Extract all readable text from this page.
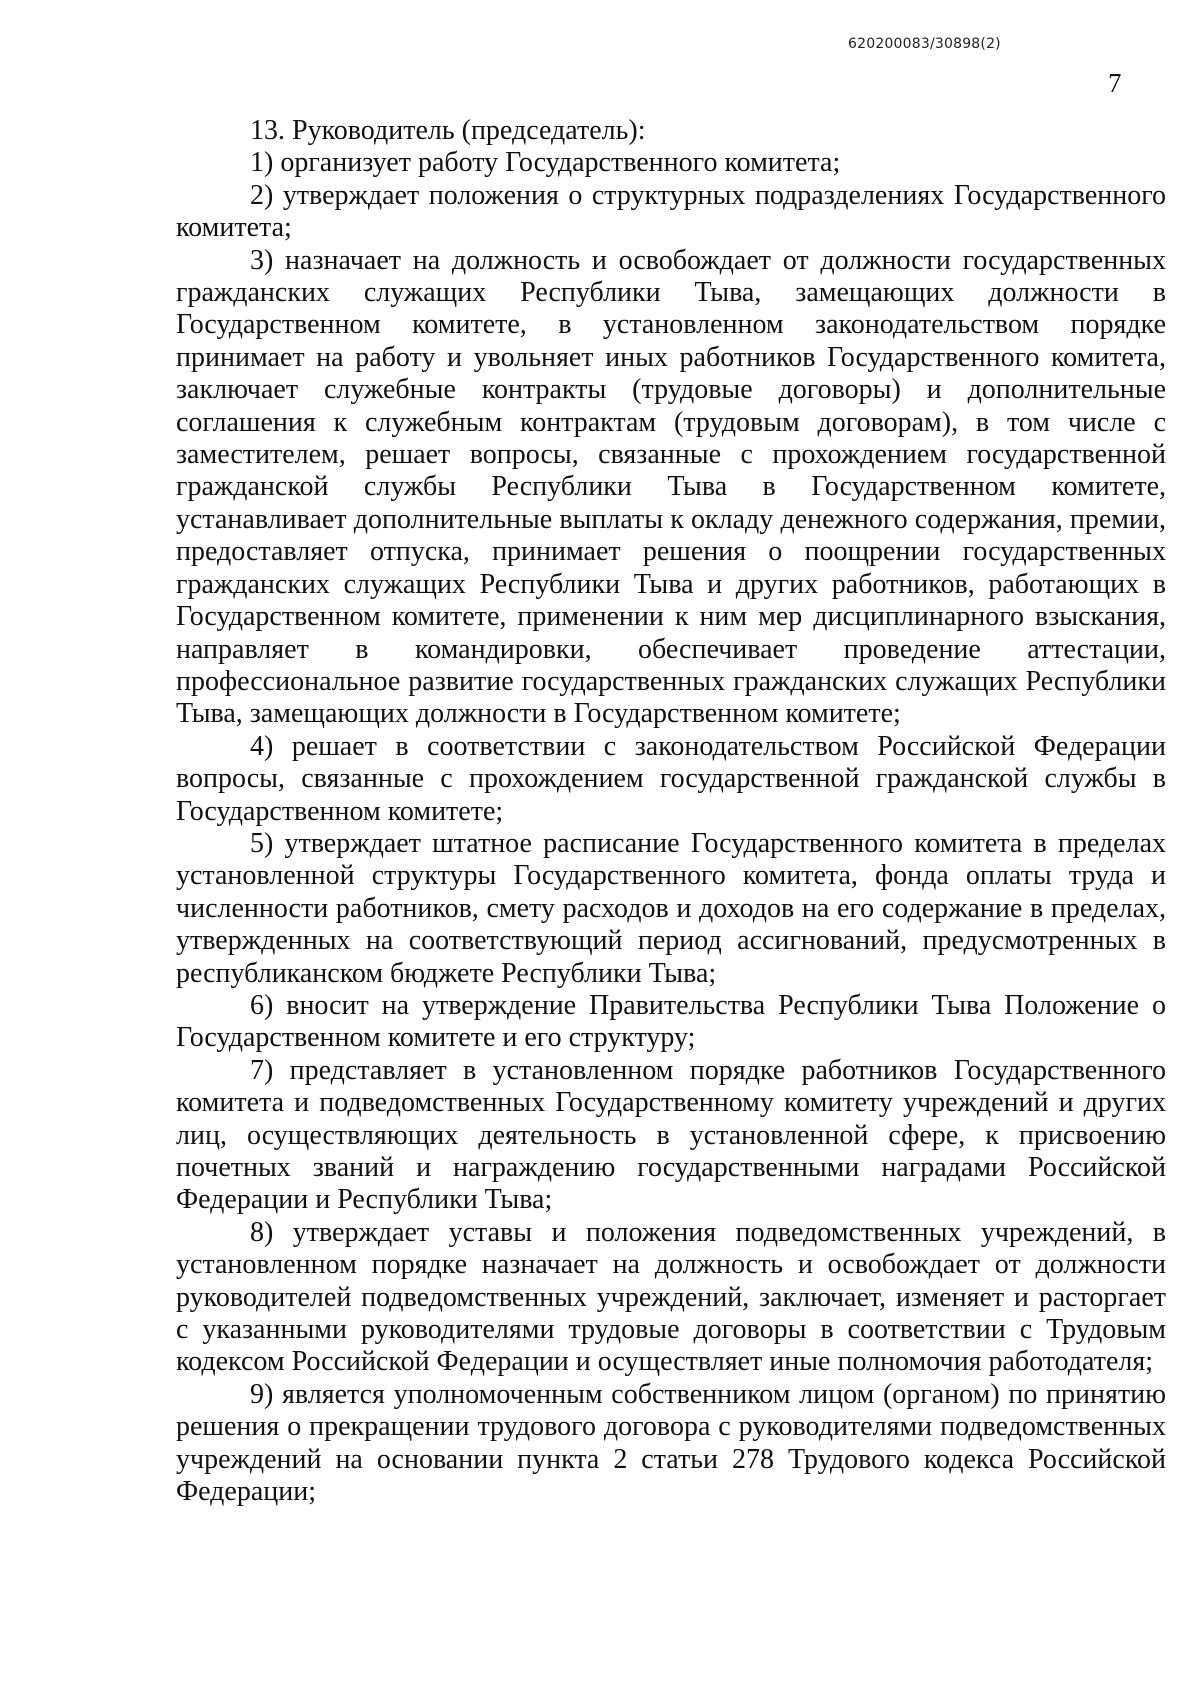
620200083/30898(2)
7

13. Руководитель (председатель):

1) организует работу Государственного комитета;

2) утверждает положения о структурных подразделениях Государственного комитета;

3) назначает на должность и освобождает от должности государственных гражданских служащих Республики Тыва, замещающих должности в Государственном комитете, в установленном законодательством порядке принимает на работу и увольняет иных работников Государственного комитета, заключает служебные контракты (трудовые договоры) и дополнительные соглашения к служебным контрактам (трудовым договорам), в том числе с заместителем, решает вопросы, связанные с прохождением государственной гражданской службы Республики Тыва в Государственном комитете, устанавливает дополнительные выплаты к окладу денежного содержания, премии, предоставляет отпуска, принимает решения о поощрении государственных гражданских служащих Республики Тыва и других работников, работающих в Государственном комитете, применении к ним мер дисциплинарного взыскания, направляет в командировки, обеспечивает проведение аттестации, профессиональное развитие государственных гражданских служащих Республики Тыва, замещающих должности в Государственном комитете;

4) решает в соответствии с законодательством Российской Федерации вопросы, связанные с прохождением государственной гражданской службы в Государственном комитете;

5) утверждает штатное расписание Государственного комитета в пределах установленной структуры Государственного комитета, фонда оплаты труда и численности работников, смету расходов и доходов на его содержание в пределах, утвержденных на соответствующий период ассигнований, предусмотренных в республиканском бюджете Республики Тыва;

6) вносит на утверждение Правительства Республики Тыва Положение о Государственном комитете и его структуру;

7) представляет в установленном порядке работников Государственного комитета и подведомственных Государственному комитету учреждений и других лиц, осуществляющих деятельность в установленной сфере, к присвоению почетных званий и награждению государственными наградами Российской Федерации и Республики Тыва;

8) утверждает уставы и положения подведомственных учреждений, в установленном порядке назначает на должность и освобождает от должности руководителей подведомственных учреждений, заключает, изменяет и расторгает с указанными руководителями трудовые договоры в соответствии с Трудовым кодексом Российской Федерации и осуществляет иные полномочия работодателя;

9) является уполномоченным собственником лицом (органом) по принятию решения о прекращении трудового договора с руководителями подведомственных учреждений на основании пункта 2 статьи 278 Трудового кодекса Российской Федерации;
